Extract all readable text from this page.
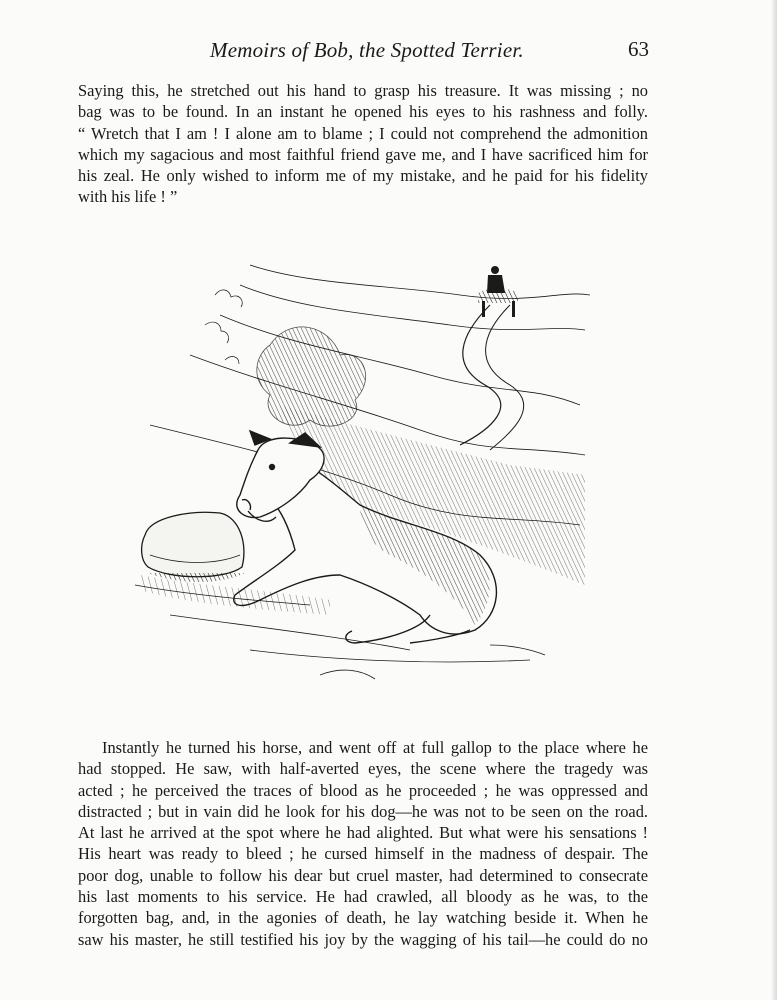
Memoirs of Bob, the Spotted Terrier.	63

Saying this, he stretched out his hand to grasp his treasure. It was missing ; no
bag was to be found. In an instant he opened his eyes to his rashness and folly.
“ Wretch that I am ! I alone am to blame ; I could not comprehend the admonition
which my sagacious and most faithful friend gave me, and I have sacrificed him for
his zeal. He only wished to inform me of my mistake, and he paid for his fidelity
with his life ! ”

Instantly he turned his horse, and went off at full gallop to the place where he
had stopped. He saw, with half-averted eyes, the scene where the tragedy was
acted ; he perceived the traces of blood as he proceeded ; he was oppressed and
distracted ; but in vain did he look for his dog—he was not to be seen on the road.
At last he arrived at the spot where he had alighted. But what were his sensations !
His heart was ready to bleed ; he cursed himself in the madness of despair. The
poor dog, unable to follow his dear but cruel master, had determined to consecrate
his last moments to his service. He had crawled, all bloody as he was, to the
forgotten bag, and, in the agonies of death, he lay watching beside it. When he
saw his master, he still testified his joy by the wagging of his tail—he could do no
